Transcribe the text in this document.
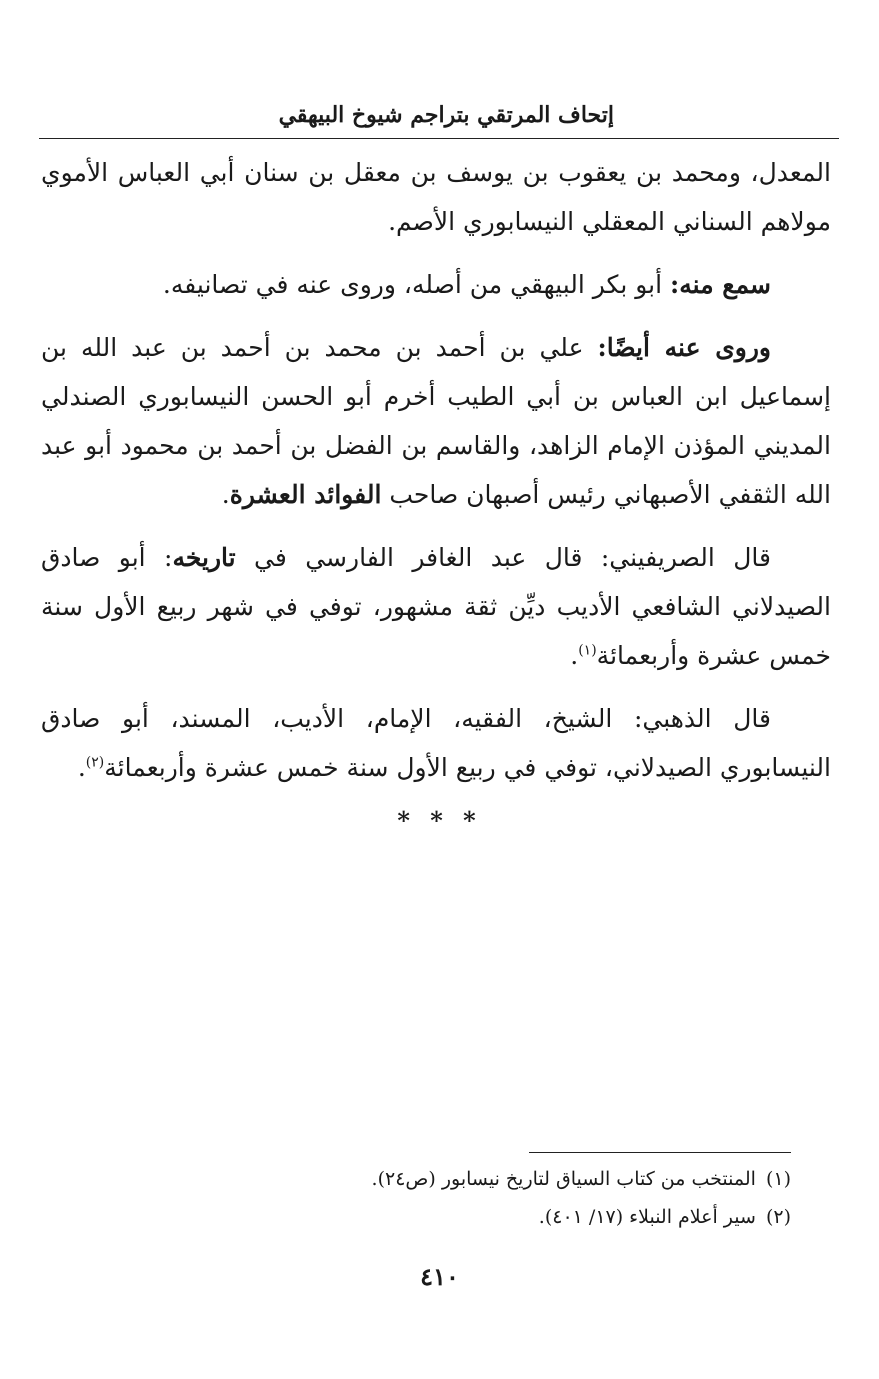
إتحاف المرتقي بتراجم شيوخ البيهقي

المعدل، ومحمد بن يعقوب بن يوسف بن معقل بن سنان أبي العباس الأموي مولاهم السناني المعقلي النيسابوري الأصم.

سمع منه: أبو بكر البيهقي من أصله، وروى عنه في تصانيفه.

وروى عنه أيضًا: علي بن أحمد بن محمد بن أحمد بن عبد الله بن إسماعيل ابن العباس بن أبي الطيب أخرم أبو الحسن النيسابوري الصندلي المديني المؤذن الإمام الزاهد، والقاسم بن الفضل بن أحمد بن محمود أبو عبد الله الثقفي الأصبهاني رئيس أصبهان صاحب الفوائد العشرة.

قال الصريفيني: قال عبد الغافر الفارسي في تاريخه: أبو صادق الصيدلاني الشافعي الأديب ديِّن ثقة مشهور، توفي في شهر ربيع الأول سنة خمس عشرة وأربعمائة$^{(١)}$.

قال الذهبي: الشيخ، الفقيه، الإمام، الأديب، المسند، أبو صادق النيسابوري الصيدلاني، توفي في ربيع الأول سنة خمس عشرة وأربعمائة$^{(٢)}$.

* * *
(١)المنتخب من كتاب السياق لتاريخ نيسابور (ص٢٤).
(٢)سير أعلام النبلاء (١٧/ ٤٠١).
٤١٠
